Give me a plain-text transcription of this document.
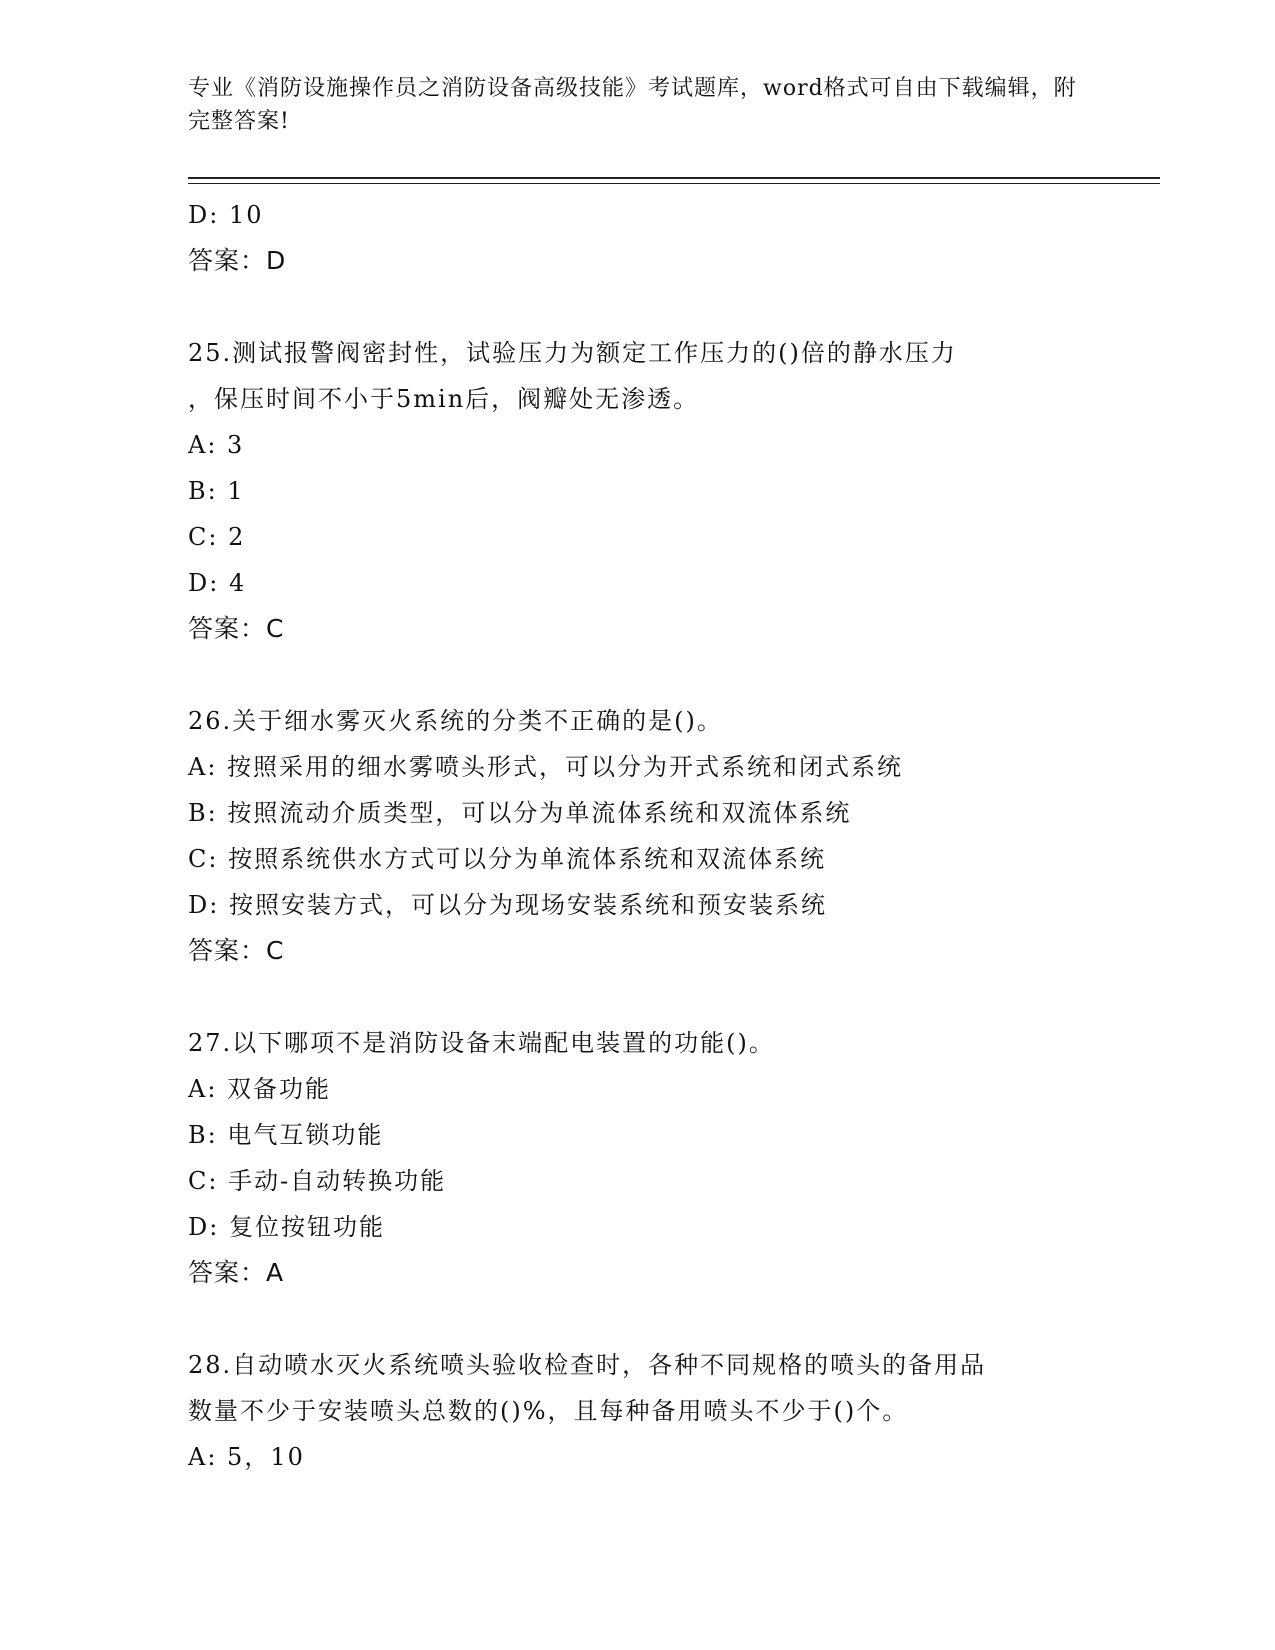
专业《消防设施操作员之消防设备高级技能》考试题库，word格式可自由下载编辑，附完整答案!
D: 10
答案：D
25.测试报警阀密封性，试验压力为额定工作压力的()倍的静水压力
，保压时间不小于5min后，阀瓣处无渗透。
A: 3
B: 1
C: 2
D: 4
答案：C
26.关于细水雾灭火系统的分类不正确的是()。
A: 按照采用的细水雾喷头形式，可以分为开式系统和闭式系统
B: 按照流动介质类型，可以分为单流体系统和双流体系统
C: 按照系统供水方式可以分为单流体系统和双流体系统
D: 按照安装方式，可以分为现场安装系统和预安装系统
答案：C
27.以下哪项不是消防设备末端配电装置的功能()。
A: 双备功能
B: 电气互锁功能
C: 手动-自动转换功能
D: 复位按钮功能
答案：A
28.自动喷水灭火系统喷头验收检查时，各种不同规格的喷头的备用品
数量不少于安装喷头总数的()%，且每种备用喷头不少于()个。
A: 5，10
